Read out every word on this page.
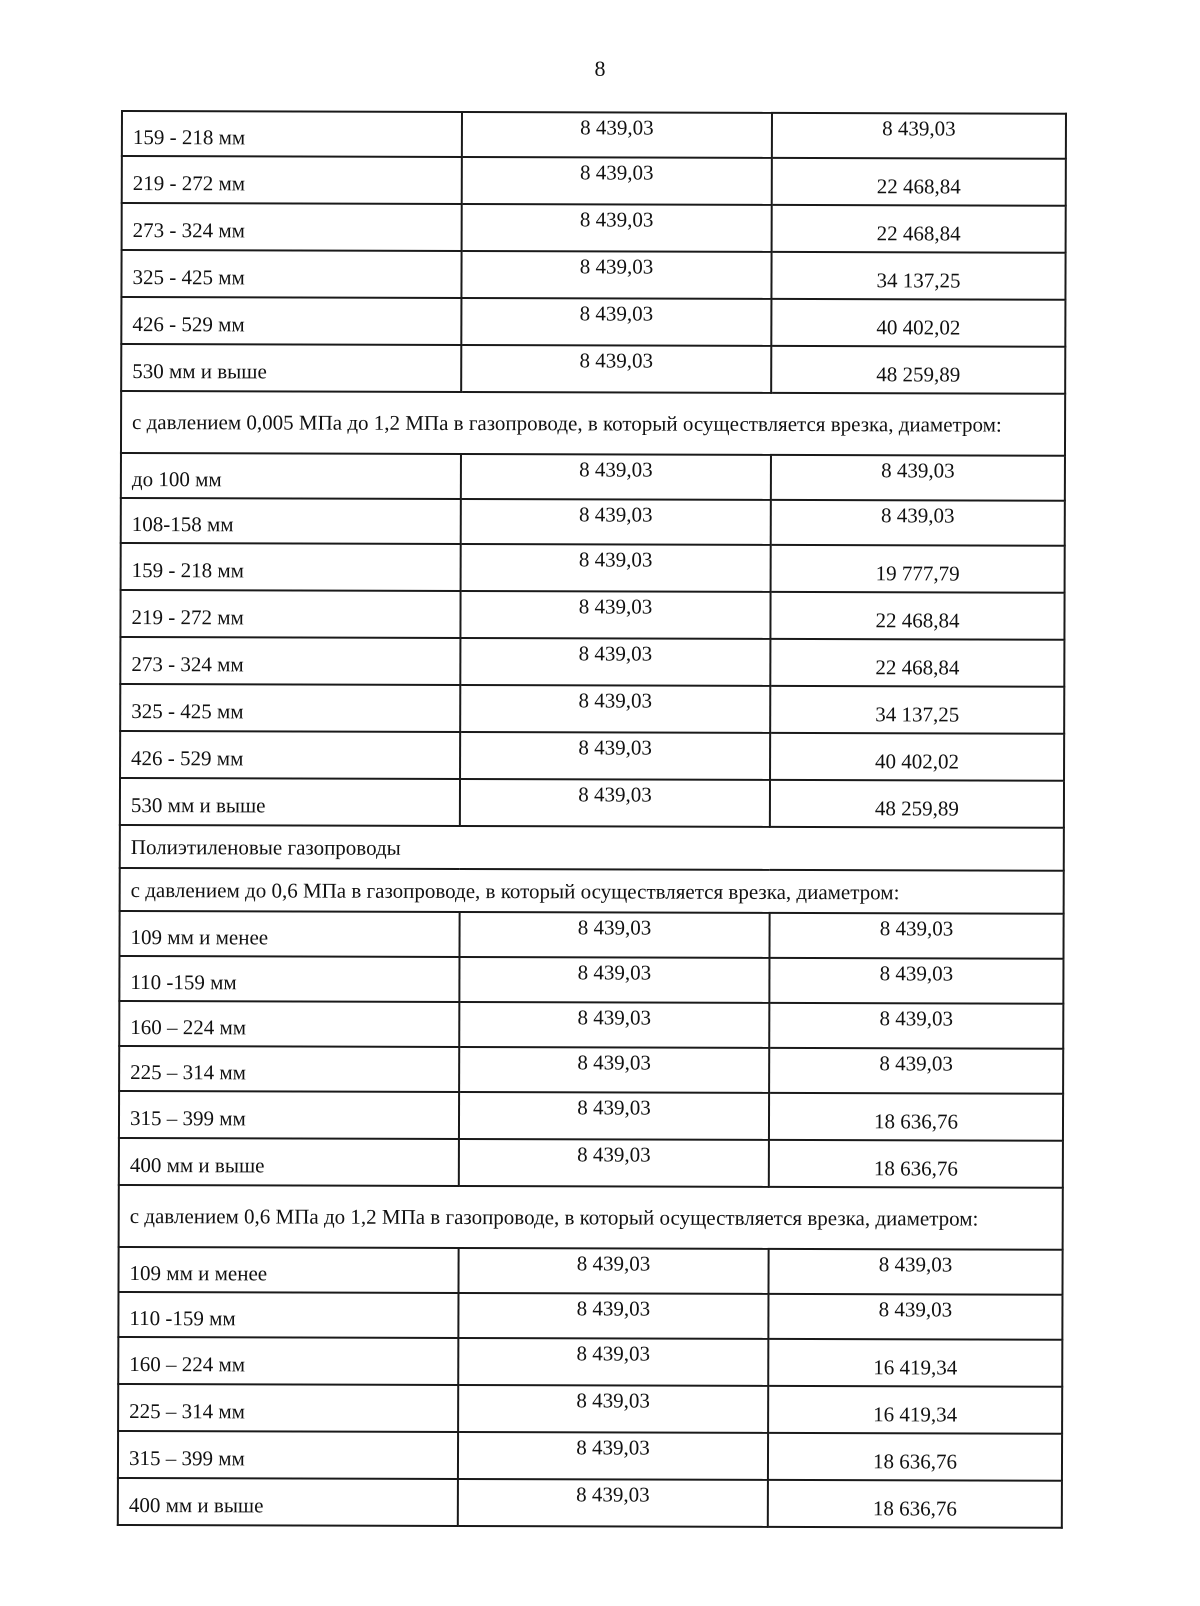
8
159 - 218 мм	8 439,03	8 439,03
219 - 272 мм	8 439,03	22 468,84
273 - 324 мм	8 439,03	22 468,84
325 - 425 мм	8 439,03	34 137,25
426 - 529 мм	8 439,03	40 402,02
530 мм и выше	8 439,03	48 259,89
с давлением 0,005 МПа до 1,2 МПа в газопроводе, в который осуществляется врезка, диаметром:		
до 100 мм	8 439,03	8 439,03
108-158 мм	8 439,03	8 439,03
159 - 218 мм	8 439,03	19 777,79
219 - 272 мм	8 439,03	22 468,84
273 - 324 мм	8 439,03	22 468,84
325 - 425 мм	8 439,03	34 137,25
426 - 529 мм	8 439,03	40 402,02
530 мм и выше	8 439,03	48 259,89
Полиэтиленовые газопроводы		
с давлением до 0,6 МПа в газопроводе, в который осуществляется врезка, диаметром:		
109 мм и менее	8 439,03	8 439,03
110 -159 мм	8 439,03	8 439,03
160 – 224 мм	8 439,03	8 439,03
225 – 314 мм	8 439,03	8 439,03
315 – 399 мм	8 439,03	18 636,76
400 мм и выше	8 439,03	18 636,76
с давлением 0,6 МПа до 1,2 МПа в газопроводе, в который осуществляется врезка, диаметром:		
109 мм и менее	8 439,03	8 439,03
110 -159 мм	8 439,03	8 439,03
160 – 224 мм	8 439,03	16 419,34
225 – 314 мм	8 439,03	16 419,34
315 – 399 мм	8 439,03	18 636,76
400 мм и выше	8 439,03	18 636,76
